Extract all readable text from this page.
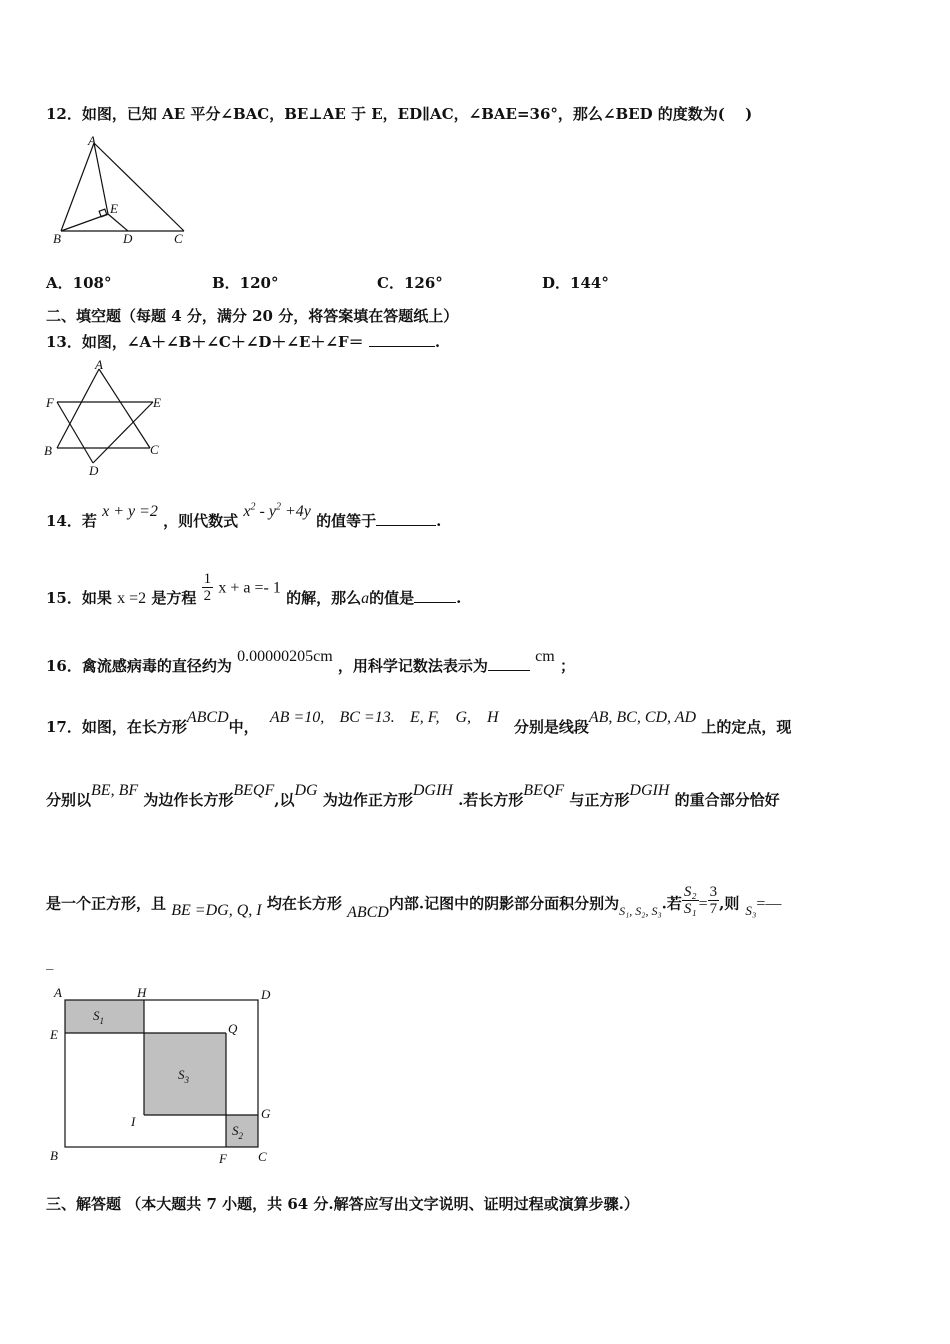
12．如图，已知 AE 平分∠BAC，BE⊥AE 于 E，ED∥AC，∠BAE=36°，那么∠BED 的度数为(　 )
A
B	C
D
E
A．108°	B．120°	C．126°	D．144°
二、填空题（每题 4 分，满分 20 分，将答案填在答题纸上）
13．如图，∠A＋∠B＋∠C＋∠D＋∠E＋∠F＝	.
A
F	E
B	C
D
14．若 x + y =2 ，则代数式 $x^2 - y^2 +4y$ 的值等于	.
15．如果 x =2 是方程 $\frac{1}{2}$ x + a =- 1 的解，那么a的值是	.
16．禽流感病毒的直径约为 0.00000205cm ，用科学记数法表示为 cm ；
17．如图，在长方形ABCD中， AB =10, BC =13. E, F,　G,　H 分别是线段AB, BC, CD, AD 上的定点，现
分别以BE, BF 为边作长方形BEQF,以DG 为边作正方形DGIH .若长方形BEQF 与正方形DGIH 的重合部分恰好
是一个正方形，且 BE =DG, Q, I 均在长方形 ABCD内部.记图中的阴影部分面积分别为$_{S_1, S_2, S_3}$.若 $\frac{\text{S₂}}{\text{S₁}} = \frac{3}{7}$ ,则 S₃=—
_
A	H	D
E	Q
I
G
B	F C
$S_1$
$S_3$
$S_2$
三、解答题 （本大题共 7 小题，共 64 分.解答应写出文字说明、证明过程或演算步骤.）
